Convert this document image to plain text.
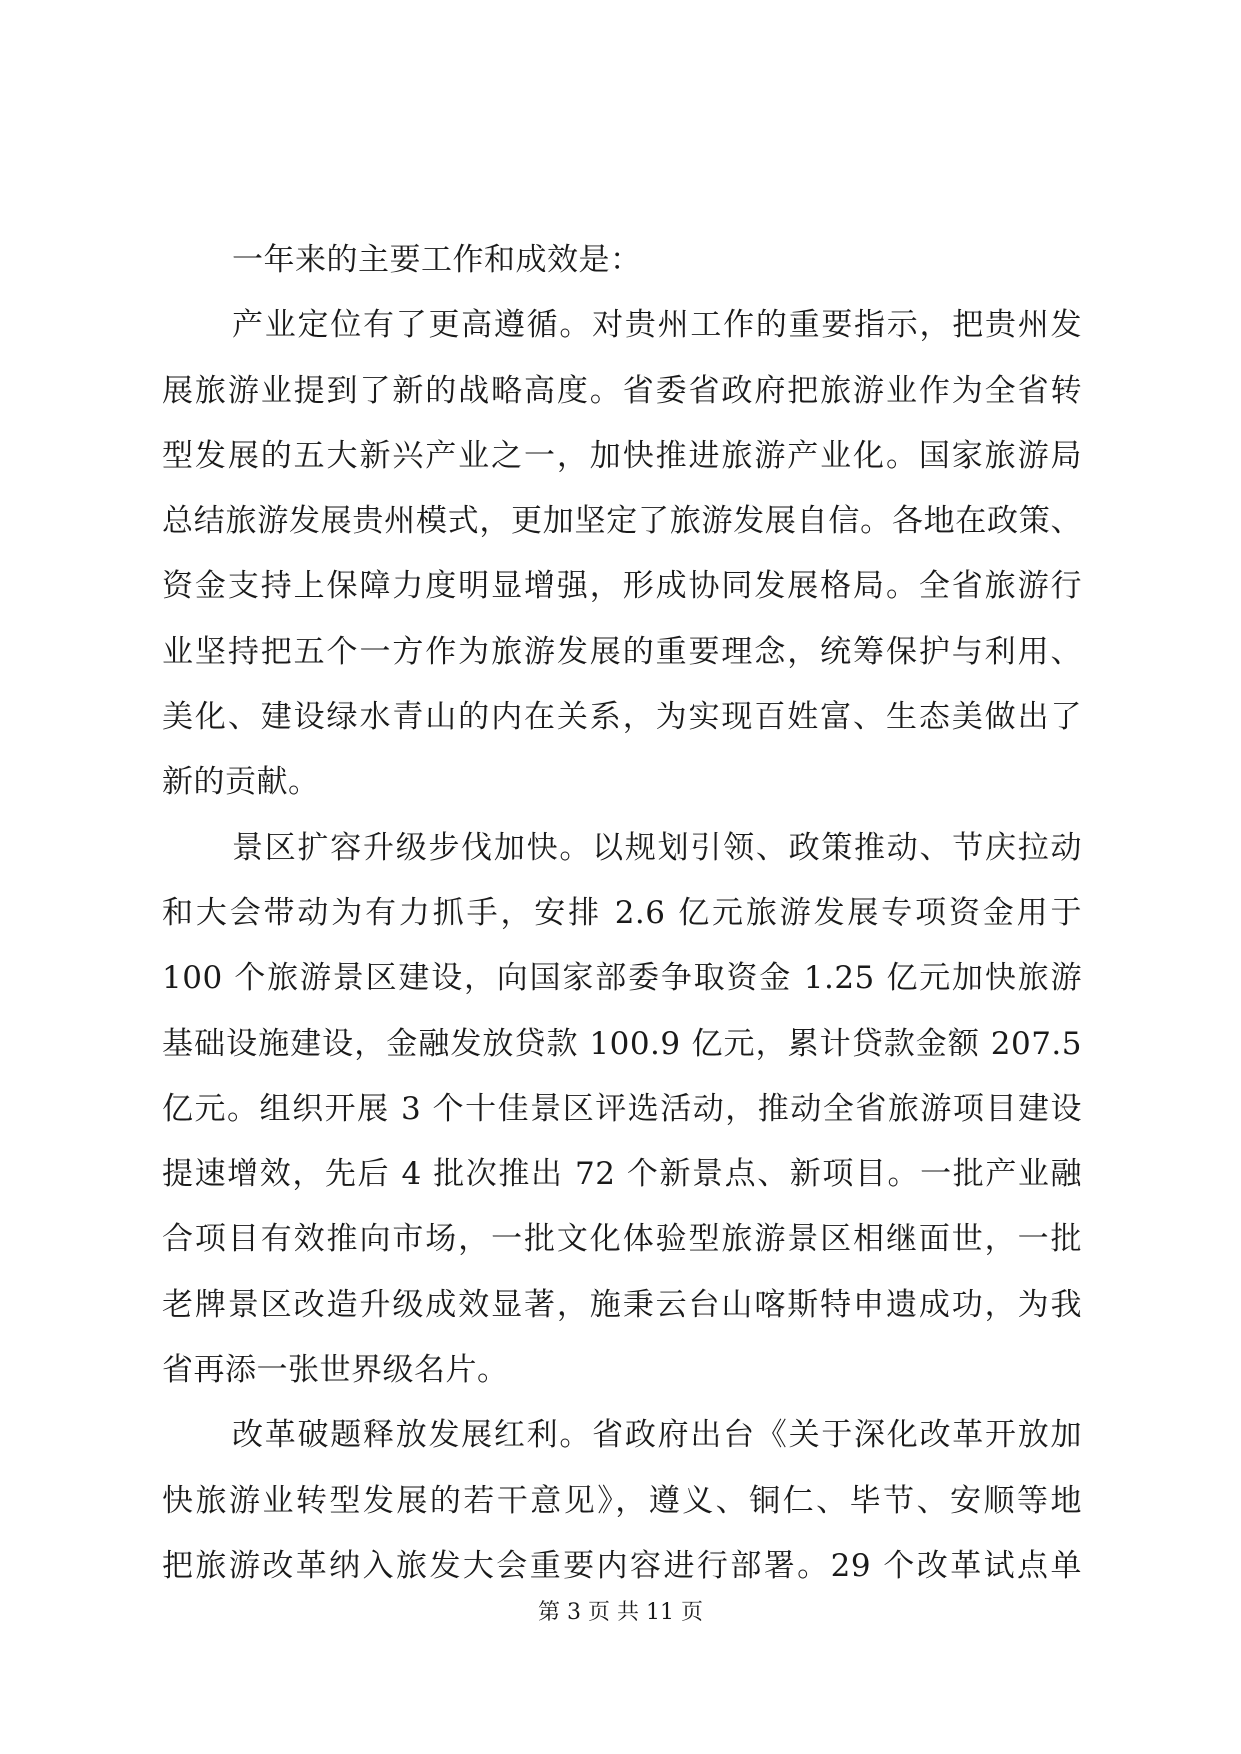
一年来的主要工作和成效是：
产业定位有了更高遵循。对贵州工作的重要指示，把贵州发
展旅游业提到了新的战略高度。省委省政府把旅游业作为全省转
型发展的五大新兴产业之一，加快推进旅游产业化。国家旅游局
总结旅游发展贵州模式，更加坚定了旅游发展自信。各地在政策、
资金支持上保障力度明显增强，形成协同发展格局。全省旅游行
业坚持把五个一方作为旅游发展的重要理念，统筹保护与利用、
美化、建设绿水青山的内在关系，为实现百姓富、生态美做出了
新的贡献。
景区扩容升级步伐加快。以规划引领、政策推动、节庆拉动
和大会带动为有力抓手，安排 2.6 亿元旅游发展专项资金用于
100 个旅游景区建设，向国家部委争取资金 1.25 亿元加快旅游
基础设施建设，金融发放贷款 100.9 亿元，累计贷款金额 207.5
亿元。组织开展 3 个十佳景区评选活动，推动全省旅游项目建设
提速增效，先后 4 批次推出 72 个新景点、新项目。一批产业融
合项目有效推向市场，一批文化体验型旅游景区相继面世，一批
老牌景区改造升级成效显著，施秉云台山喀斯特申遗成功，为我
省再添一张世界级名片。
改革破题释放发展红利。省政府出台《关于深化改革开放加
快旅游业转型发展的若干意见》，遵义、铜仁、毕节、安顺等地
把旅游改革纳入旅发大会重要内容进行部署。29 个改革试点单
第 3 页 共 11 页
